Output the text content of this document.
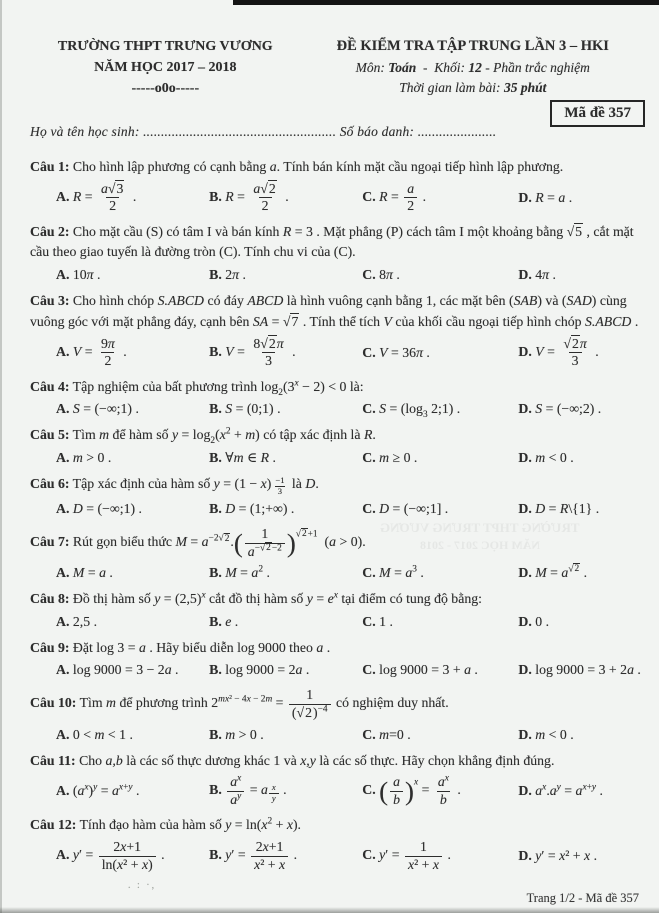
TRƯỜNG THPT TRƯNG VƯƠNG
NĂM HỌC 2017 - 2018
. : ·,
TRƯỜNG THPT TRƯNG VƯƠNG
NĂM HỌC 2017 – 2018
-----o0o-----
ĐỀ KIỂM TRA TẬP TRUNG LẦN 3 – HKI
Môn: Toán  -  Khối: 12 - Phần trắc nghiệm
Thời gian làm bài: 35 phút
Mã đề 357
Họ và tên học sinh: ...................................................... Số báo danh: ......................
Câu 1: Cho hình lập phương có cạnh bằng a. Tính bán kính mặt cầu ngoại tiếp hình lập phương.
A. $R = \frac{a√3}{2}$ .	B. $R = \frac{a√2}{2}$ .	C. $R = \frac{a}{2}$ .	D. R = a .
Câu 2: Cho mặt cầu (S) có tâm I và bán kính R = 3 . Mặt phẳng (P) cách tâm I một khoảng bằng √5 , cắt mặt cầu theo giao tuyến là đường tròn (C). Tính chu vi của (C).
A. 10π .	B. 2π .	C. 8π .	D. 4π .
Câu 3: Cho hình chóp S.ABCD có đáy ABCD là hình vuông cạnh bằng 1, các mặt bên (SAB) và (SAD) cùng vuông góc với mặt phẳng đáy, cạnh bên SA = √7 . Tính thể tích V của khối cầu ngoại tiếp hình chóp S.ABCD .
A. $V = \frac{9\pi}{2}$ .	B. $V = \frac{8√2\pi}{3}$ .	C. V = 36π .	D. $V = \frac{√2\pi}{3}$ .
Câu 4: Tập nghiệm của bất phương trình $\log_2(3^x - 2) < 0$ là:
A. S = (−∞;1) .	B. S = (0;1) .	C. $S = (\log_3$ 2;1) .	D. S = (−∞;2) .
Câu 5: Tìm m để hàm số $y = \log_2(x^2 + m)$ có tập xác định là R.
A. m > 0 .	B. ∀m ∈ R .	C. m ≥ 0 .	D. m < 0 .
Câu 6: Tập xác định của hàm số $y = (1 - x) \frac{-1}{3}$ là D.
A. D = (−∞;1) .	B. D = (1;+∞) .	C. D = (−∞;1] .	D. D = R\{1} .
Câu 7: Rút gọn biểu thức $M = a^{-2√2}.( \frac{1}{a^{-√2-2}} )^{√2+1}$  (a > 0).
A. M = a .	B. $M = a^2$ .	C. $M = a^3$ .	D. $M = a^{√2}$ .
Câu 8: Đồ thị hàm số $y = (2,5)^x$ cắt đồ thị hàm số $y = e^x$ tại điểm có tung độ bằng:
A. 2,5 .	B. e .	C. 1 .	D. 0 .
Câu 9: Đặt log 3 = a . Hãy biểu diễn log 9000 theo a .
A. log 9000 = 3 − 2a .	B. log 9000 = 2a .	C. log 9000 = 3 + a .	D. log 9000 = 3 + 2a .
Câu 10: Tìm m để phương trình $2^{mx^2 - 4x - 2m} = \frac{1}{(√2)^{-4}}$ có nghiệm duy nhất.
A. 0 < m < 1 .	B. m > 0 .	C. m=0 .	D. m < 0 .
Câu 11: Cho a,b là các số thực dương khác 1 và x,y là các số thực. Hãy chọn khẳng định đúng.
A. $(a^x)^y = a^{x+y}$ .	B. $\frac{a^x}{a^y} = a \frac{x}{y}$ .	C. ( $\frac{a}{b} )^x = \frac{a^x}{b}$ .	D. $a^x.a^y = a^{x+y}$ .
Câu 12: Tính đạo hàm của hàm số $y = \ln(x^2 + x)$.
A. $y' = \frac{2x+1}{\text{ln(x² + x)}}$ .	B. $y' = \frac{2x+1}{\text{x² + x}}$ .	C. $y' = \frac{1}{\text{x² + x}}$ .	D. y′ = x² + x .
Trang 1/2 - Mã đề 357
